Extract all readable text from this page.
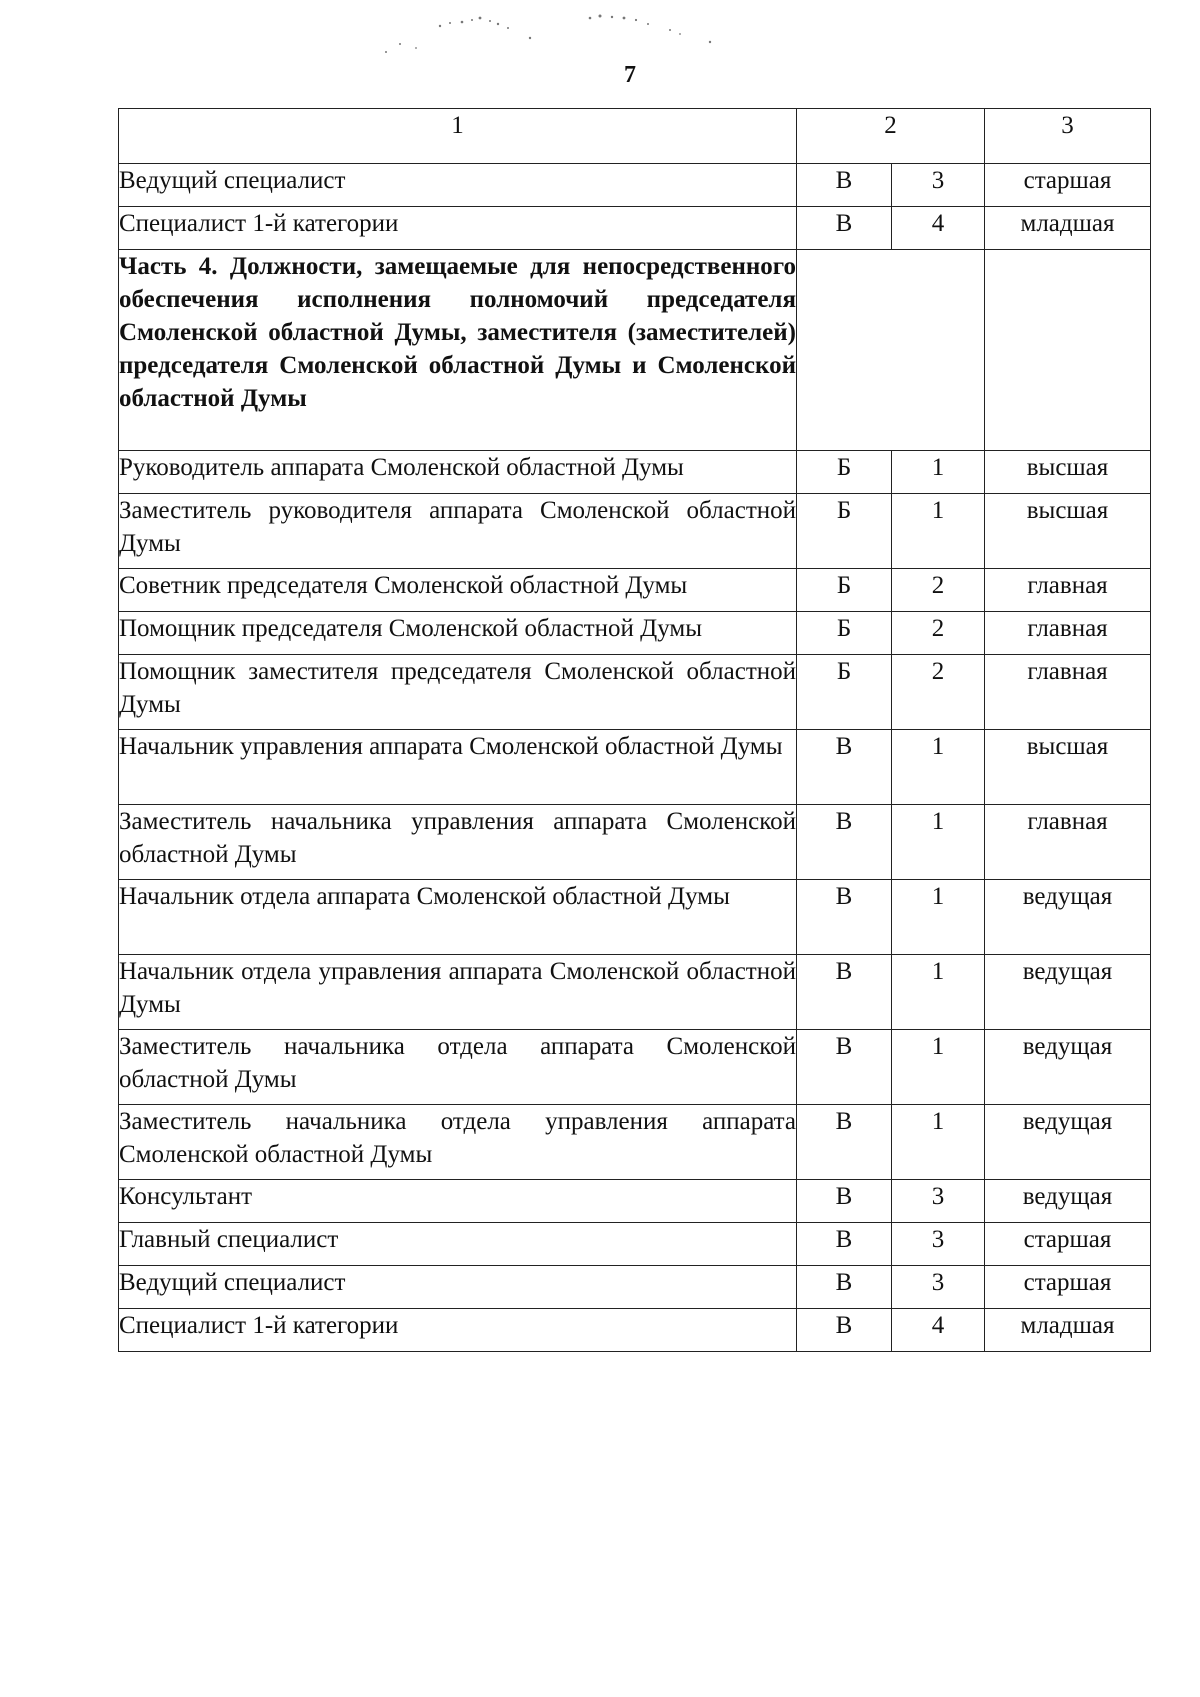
7
1	2		3
Ведущий специалист	В	3	старшая
Специалист 1-й категории	В	4	младшая
Часть 4. Должности, замещаемые для непосредственного обеспечения исполнения полномочий председателя Смоленской областной Думы, заместителя (заместителей) председателя Смоленской областной Думы и Смоленской областной Думы			
Руководитель аппарата Смоленской областной Думы	Б	1	высшая
Заместитель руководителя аппарата Смоленской областной Думы	Б	1	высшая
Советник председателя Смоленской областной Думы	Б	2	главная
Помощник председателя Смоленской областной Думы	Б	2	главная
Помощник заместителя председателя Смоленской областной Думы	Б	2	главная
Начальник управления аппарата Смоленской областной Думы	В	1	высшая
Заместитель начальника управления аппарата Смоленской областной Думы	В	1	главная
Начальник отдела аппарата Смоленской областной Думы	В	1	ведущая
Начальник отдела управления аппарата Смоленской областной Думы	В	1	ведущая
Заместитель начальника отдела аппарата Смоленской областной Думы	В	1	ведущая
Заместитель начальника отдела управления аппарата Смоленской областной Думы	В	1	ведущая
Консультант	В	3	ведущая
Главный специалист	В	3	старшая
Ведущий специалист	В	3	старшая
Специалист 1-й категории	В	4	младшая
